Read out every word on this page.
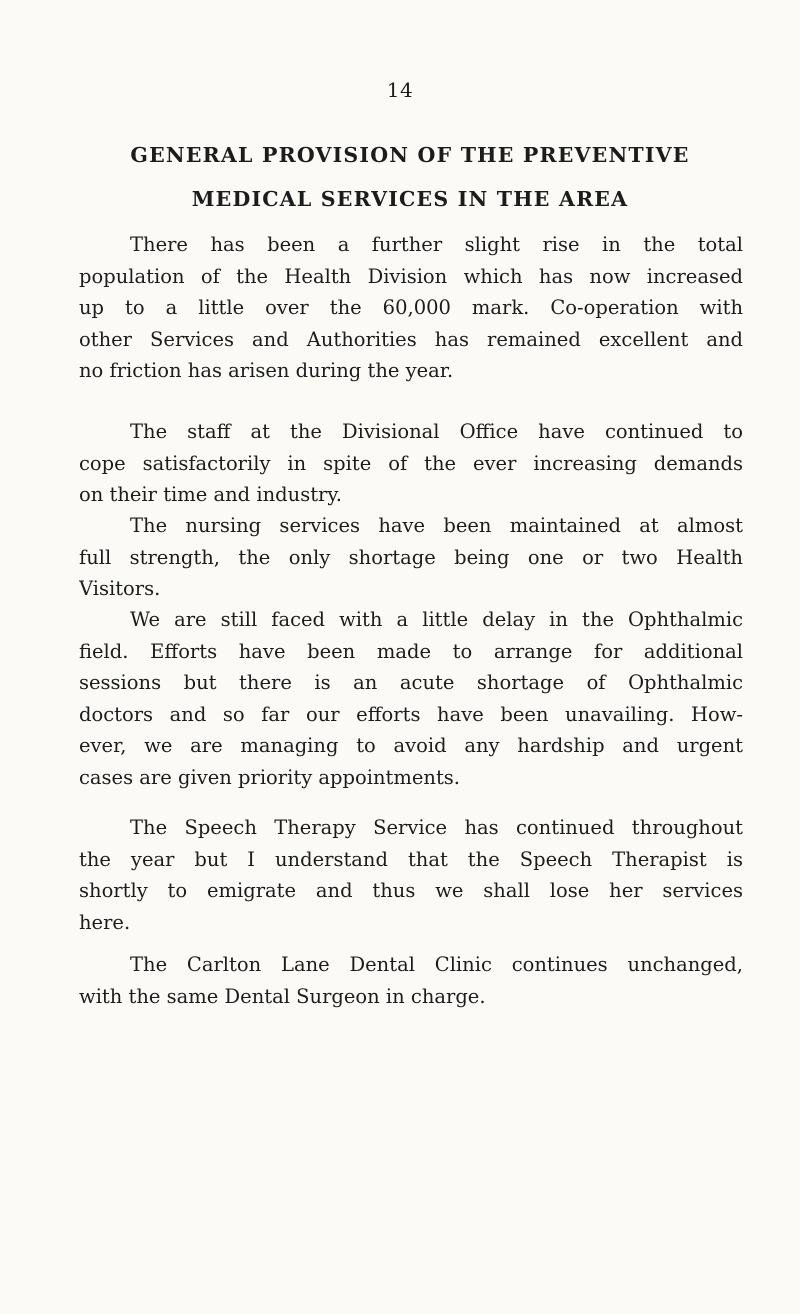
14
GENERAL PROVISION OF THE PREVENTIVE
MEDICAL SERVICES IN THE AREA

There has been a further slight rise in the total
population of the Health Division which has now increased
up to a little over the 60,000 mark. Co-operation with
other Services and Authorities has remained excellent and
no friction has arisen during the year.

The staff at the Divisional Office have continued to
cope satisfactorily in spite of the ever increasing demands
on their time and industry.

The nursing services have been maintained at almost
full strength, the only shortage being one or two Health
Visitors.

We are still faced with a little delay in the Ophthalmic
field. Efforts have been made to arrange for additional
sessions but there is an acute shortage of Ophthalmic
doctors and so far our efforts have been unavailing. How-
ever, we are managing to avoid any hardship and urgent
cases are given priority appointments.

The Speech Therapy Service has continued throughout
the year but I understand that the Speech Therapist is
shortly to emigrate and thus we shall lose her services
here.

The Carlton Lane Dental Clinic continues unchanged,
with the same Dental Surgeon in charge.
